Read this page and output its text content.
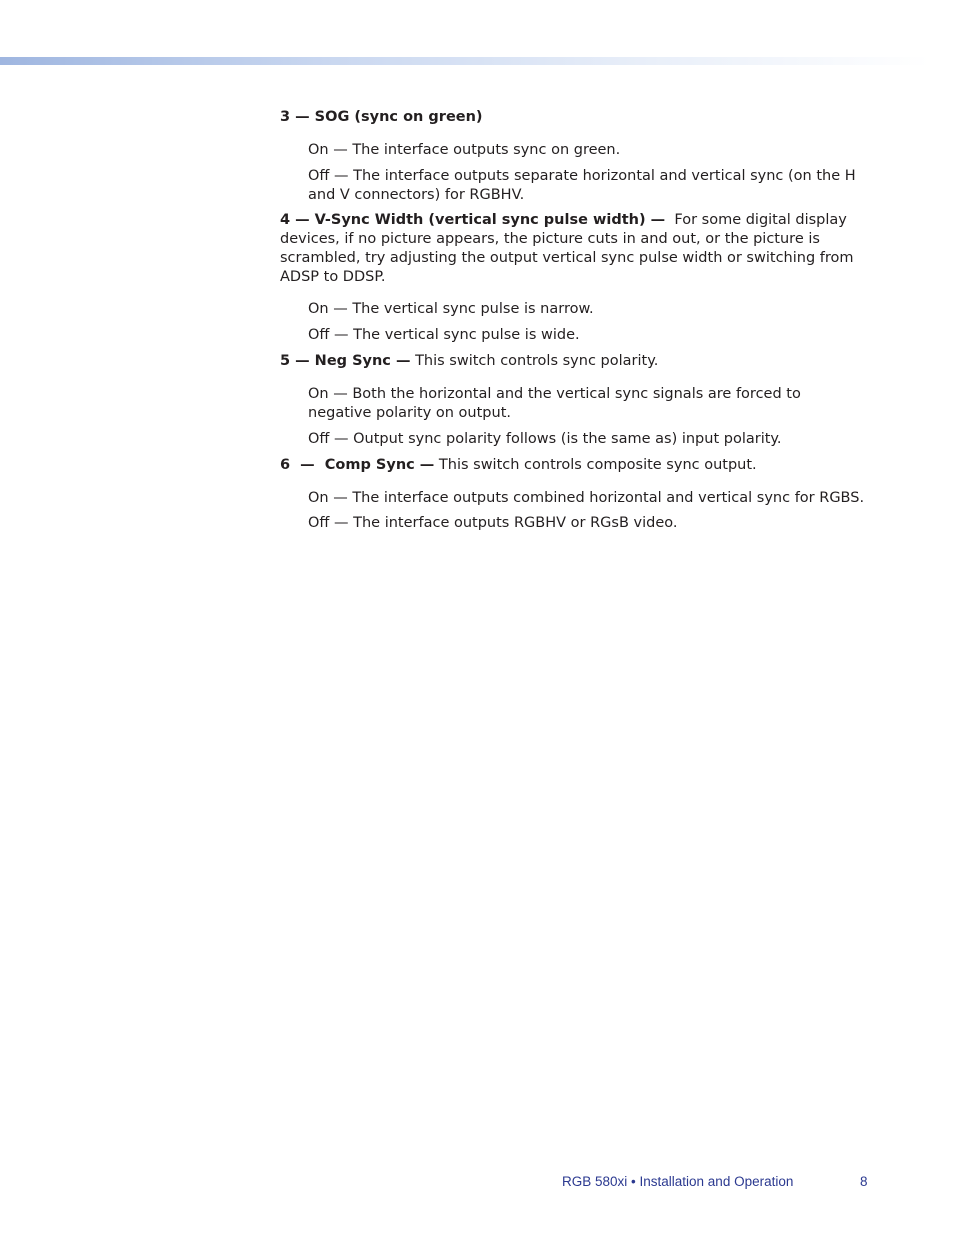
3 — SOG (sync on green)

On — The interface outputs sync on green.

Off — The interface outputs separate horizontal and vertical sync (on the H and V connectors) for RGBHV.

4 — V-Sync Width (vertical sync pulse width) — For some digital display devices, if no picture appears, the picture cuts in and out, or the picture is scrambled, try adjusting the output vertical sync pulse width or switching from ADSP to DDSP.

On — The vertical sync pulse is narrow.

Off — The vertical sync pulse is wide.

5 — Neg Sync — This switch controls sync polarity.

On — Both the horizontal and the vertical sync signals are forced to negative polarity on output.

Off — Output sync polarity follows (is the same as) input polarity.

6  —  Comp Sync — This switch controls composite sync output.

On — The interface outputs combined horizontal and vertical sync for RGBS.

Off — The interface outputs RGBHV or RGsB video.

RGB 580xi • Installation and Operation	8
